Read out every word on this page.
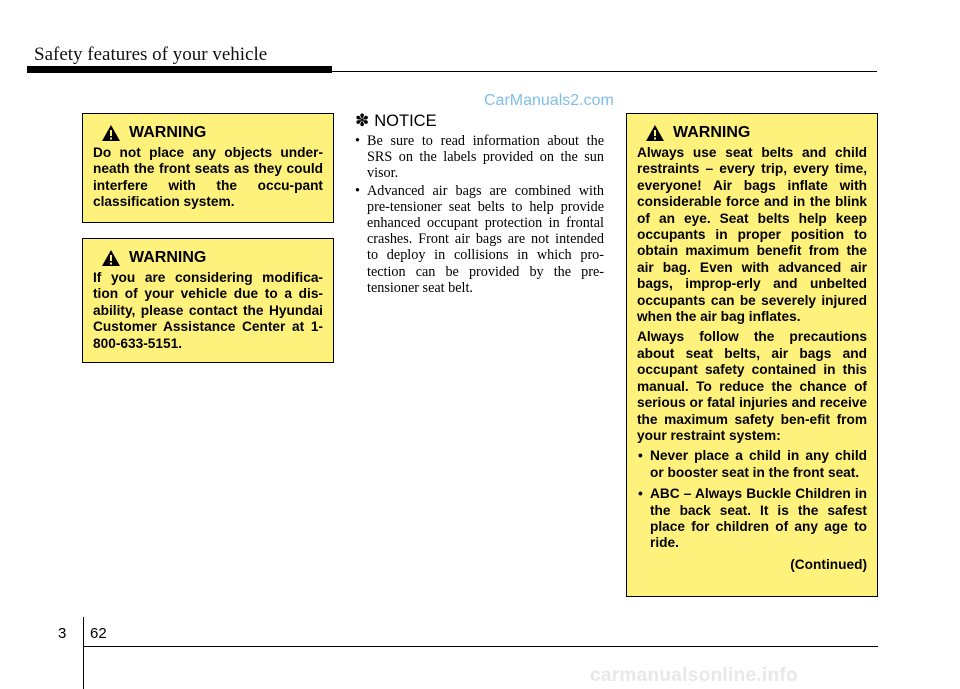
Safety features of your vehicle
CarManuals2.com
WARNING

Do not place any objects under-neath the front seats as they could interfere with the occu-pant classification system.

WARNING

If you are considering modifica-tion of your vehicle due to a dis-ability, please contact the Hyundai Customer Assistance Center at 1-800-633-5151.

✽ NOTICE
• Be sure to read information about the SRS on the labels provided on the sun visor.
• Advanced air bags are combined with pre-tensioner seat belts to help provide enhanced occupant protection in frontal crashes. Front air bags are not intended to deploy in collisions in which pro-tection can be provided by the pre-tensioner seat belt.
WARNING

Always use seat belts and child restraints – every trip, every time, everyone! Air bags inflate with considerable force and in the blink of an eye. Seat belts help keep occupants in proper position to obtain maximum benefit from the air bag. Even with advanced air bags, improp-erly and unbelted occupants can be severely injured when the air bag inflates.

Always follow the precautions about seat belts, air bags and occupant safety contained in this manual. To reduce the chance of serious or fatal injuries and receive the maximum safety ben-efit from your restraint system:

• Never place a child in any child or booster seat in the front seat.
• ABC – Always Buckle Children in the back seat. It is the safest place for children of any age to ride.
(Continued)
3 62
carmanualsonline.info
